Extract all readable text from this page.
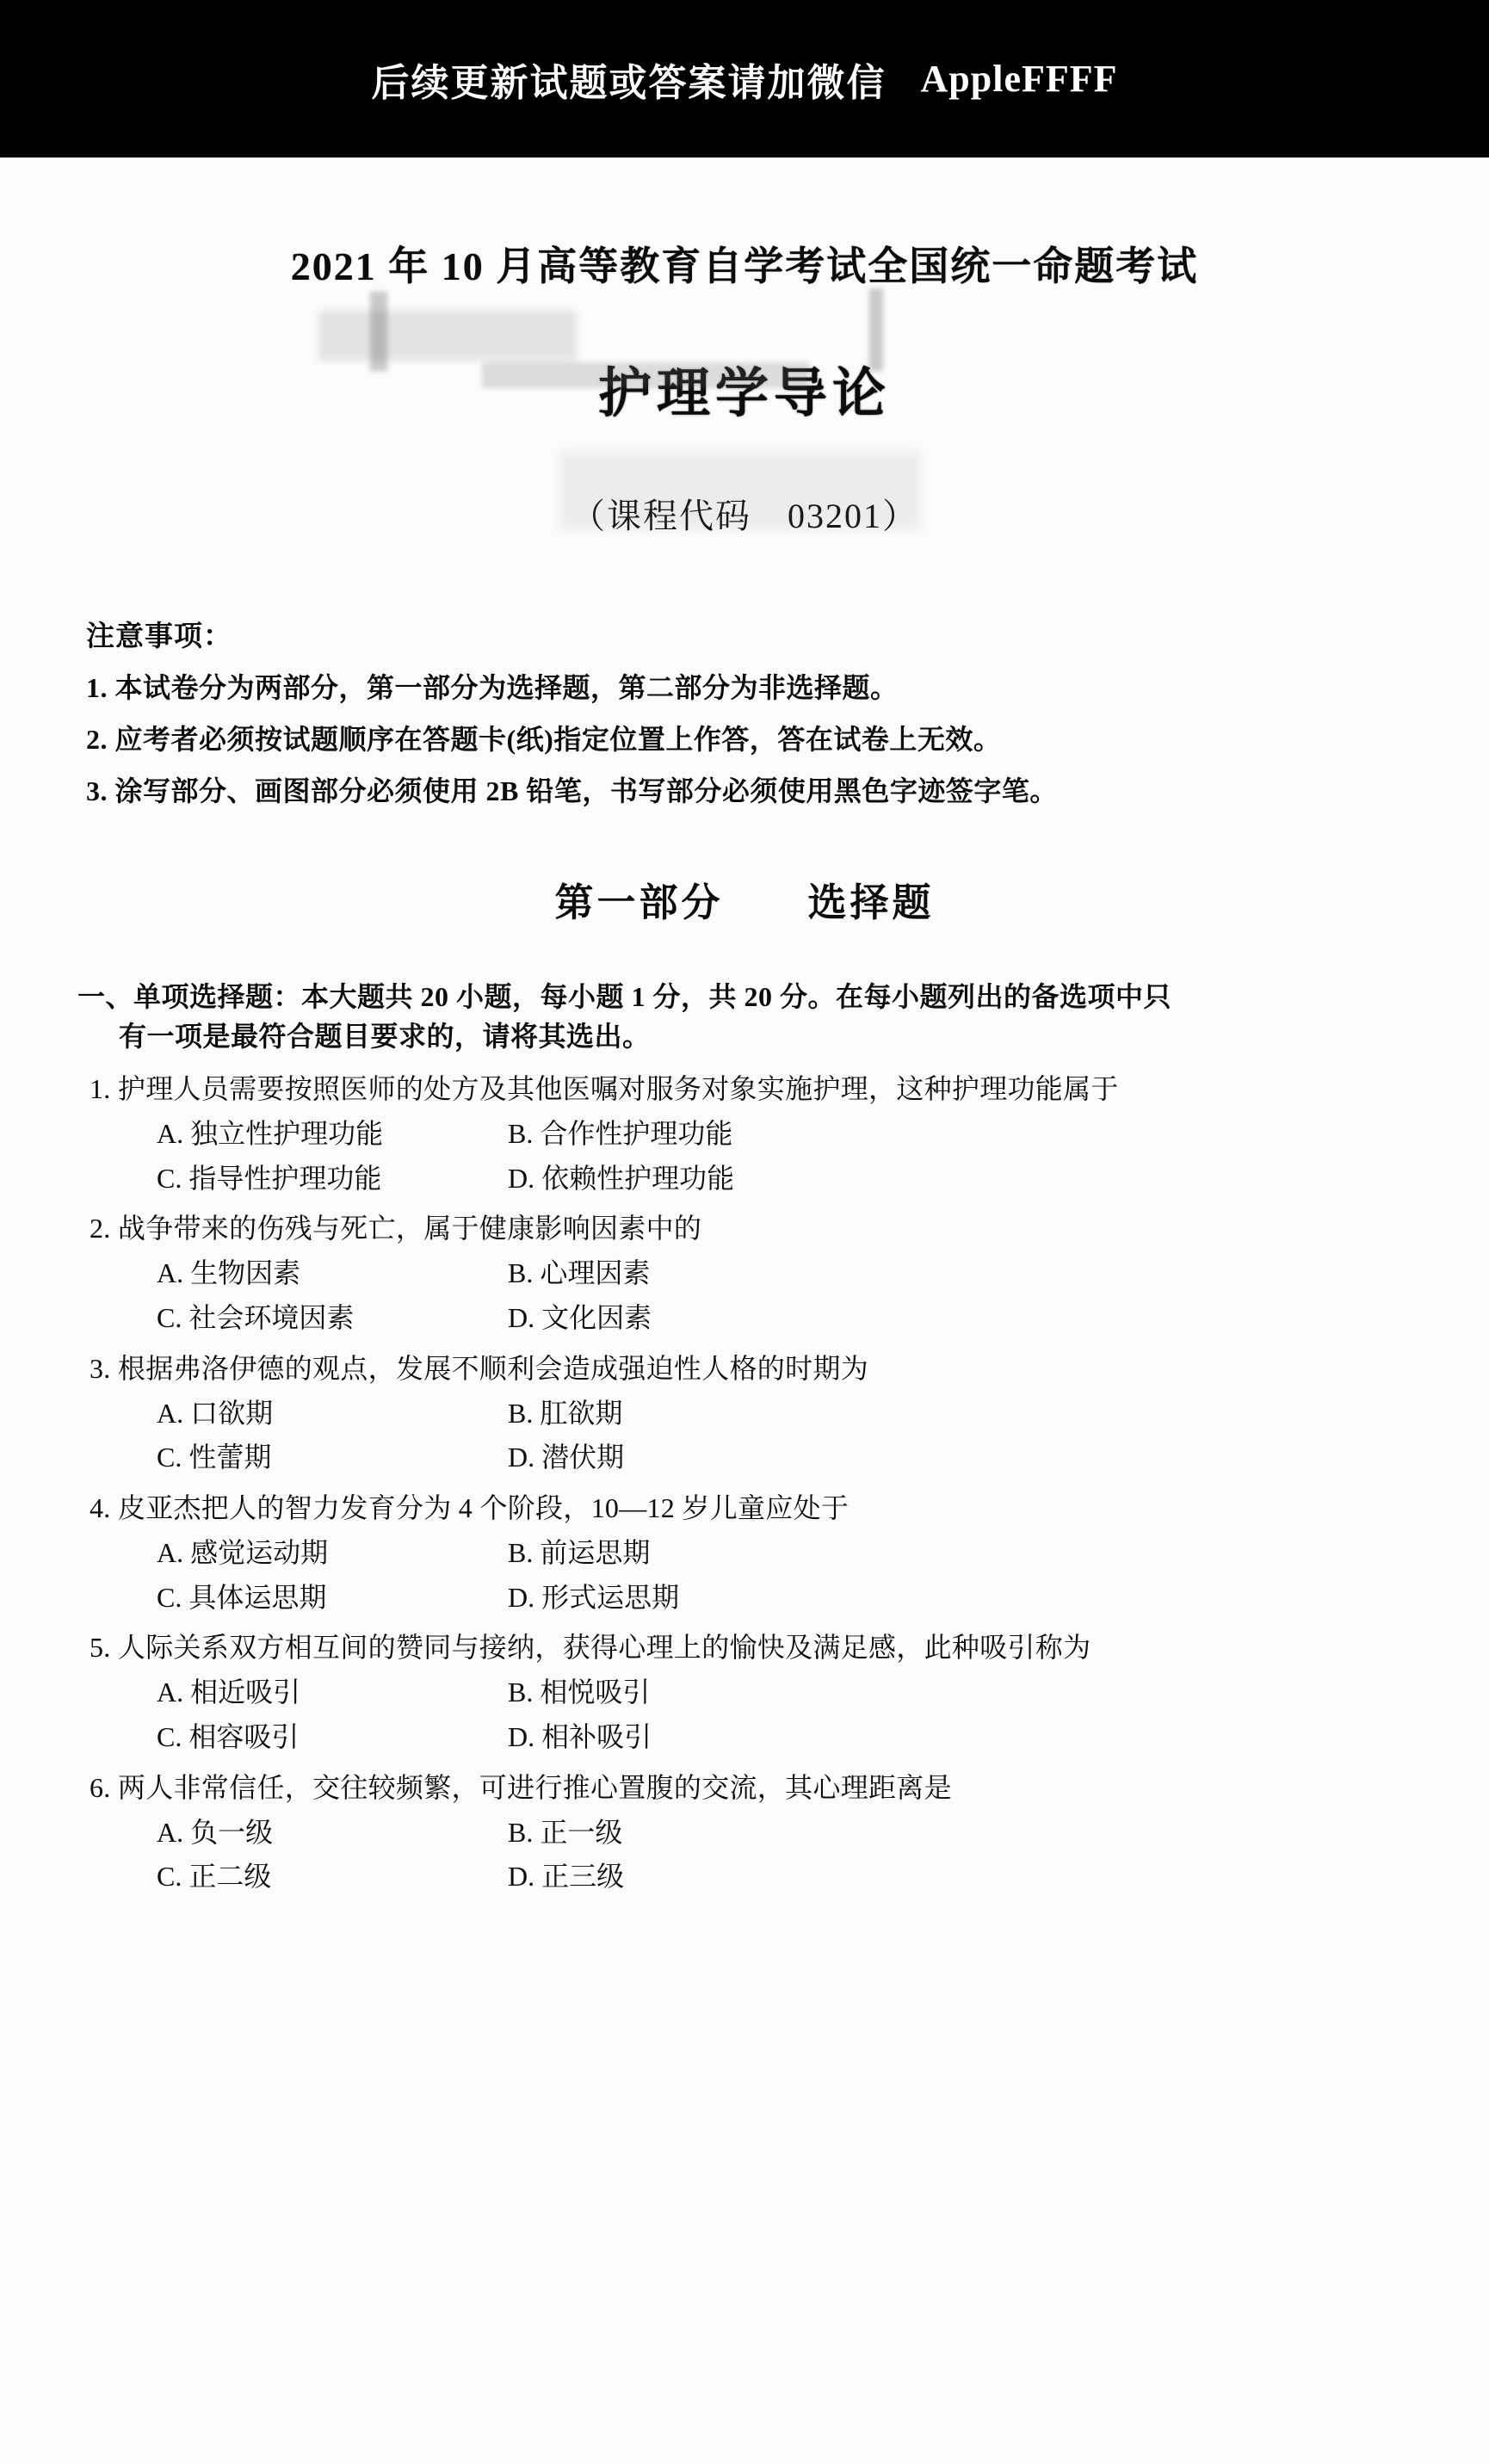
后续更新试题或答案请加微信 AppleFFFF
2021 年 10 月高等教育自学考试全国统一命题考试
护理学导论
（课程代码　03201）
注意事项：
1. 本试卷分为两部分，第一部分为选择题，第二部分为非选择题。
2. 应考者必须按试题顺序在答题卡(纸)指定位置上作答，答在试卷上无效。
3. 涂写部分、画图部分必须使用 2B 铅笔，书写部分必须使用黑色字迹签字笔。
第一部分　　选择题
一、单项选择题：本大题共 20 小题，每小题 1 分，共 20 分。在每小题列出的备选项中只
有一项是最符合题目要求的，请将其选出。
1. 护理人员需要按照医师的处方及其他医嘱对服务对象实施护理，这种护理功能属于
A. 独立性护理功能	B. 合作性护理功能
C. 指导性护理功能	D. 依赖性护理功能
2. 战争带来的伤残与死亡，属于健康影响因素中的
A. 生物因素	B. 心理因素
C. 社会环境因素	D. 文化因素
3. 根据弗洛伊德的观点，发展不顺利会造成强迫性人格的时期为
A. 口欲期	B. 肛欲期
C. 性蕾期	D. 潜伏期
4. 皮亚杰把人的智力发育分为 4 个阶段，10—12 岁儿童应处于
A. 感觉运动期	B. 前运思期
C. 具体运思期	D. 形式运思期
5. 人际关系双方相互间的赞同与接纳，获得心理上的愉快及满足感，此种吸引称为
A. 相近吸引	B. 相悦吸引
C. 相容吸引	D. 相补吸引
6. 两人非常信任，交往较频繁，可进行推心置腹的交流，其心理距离是
A. 负一级	B. 正一级
C. 正二级	D. 正三级
